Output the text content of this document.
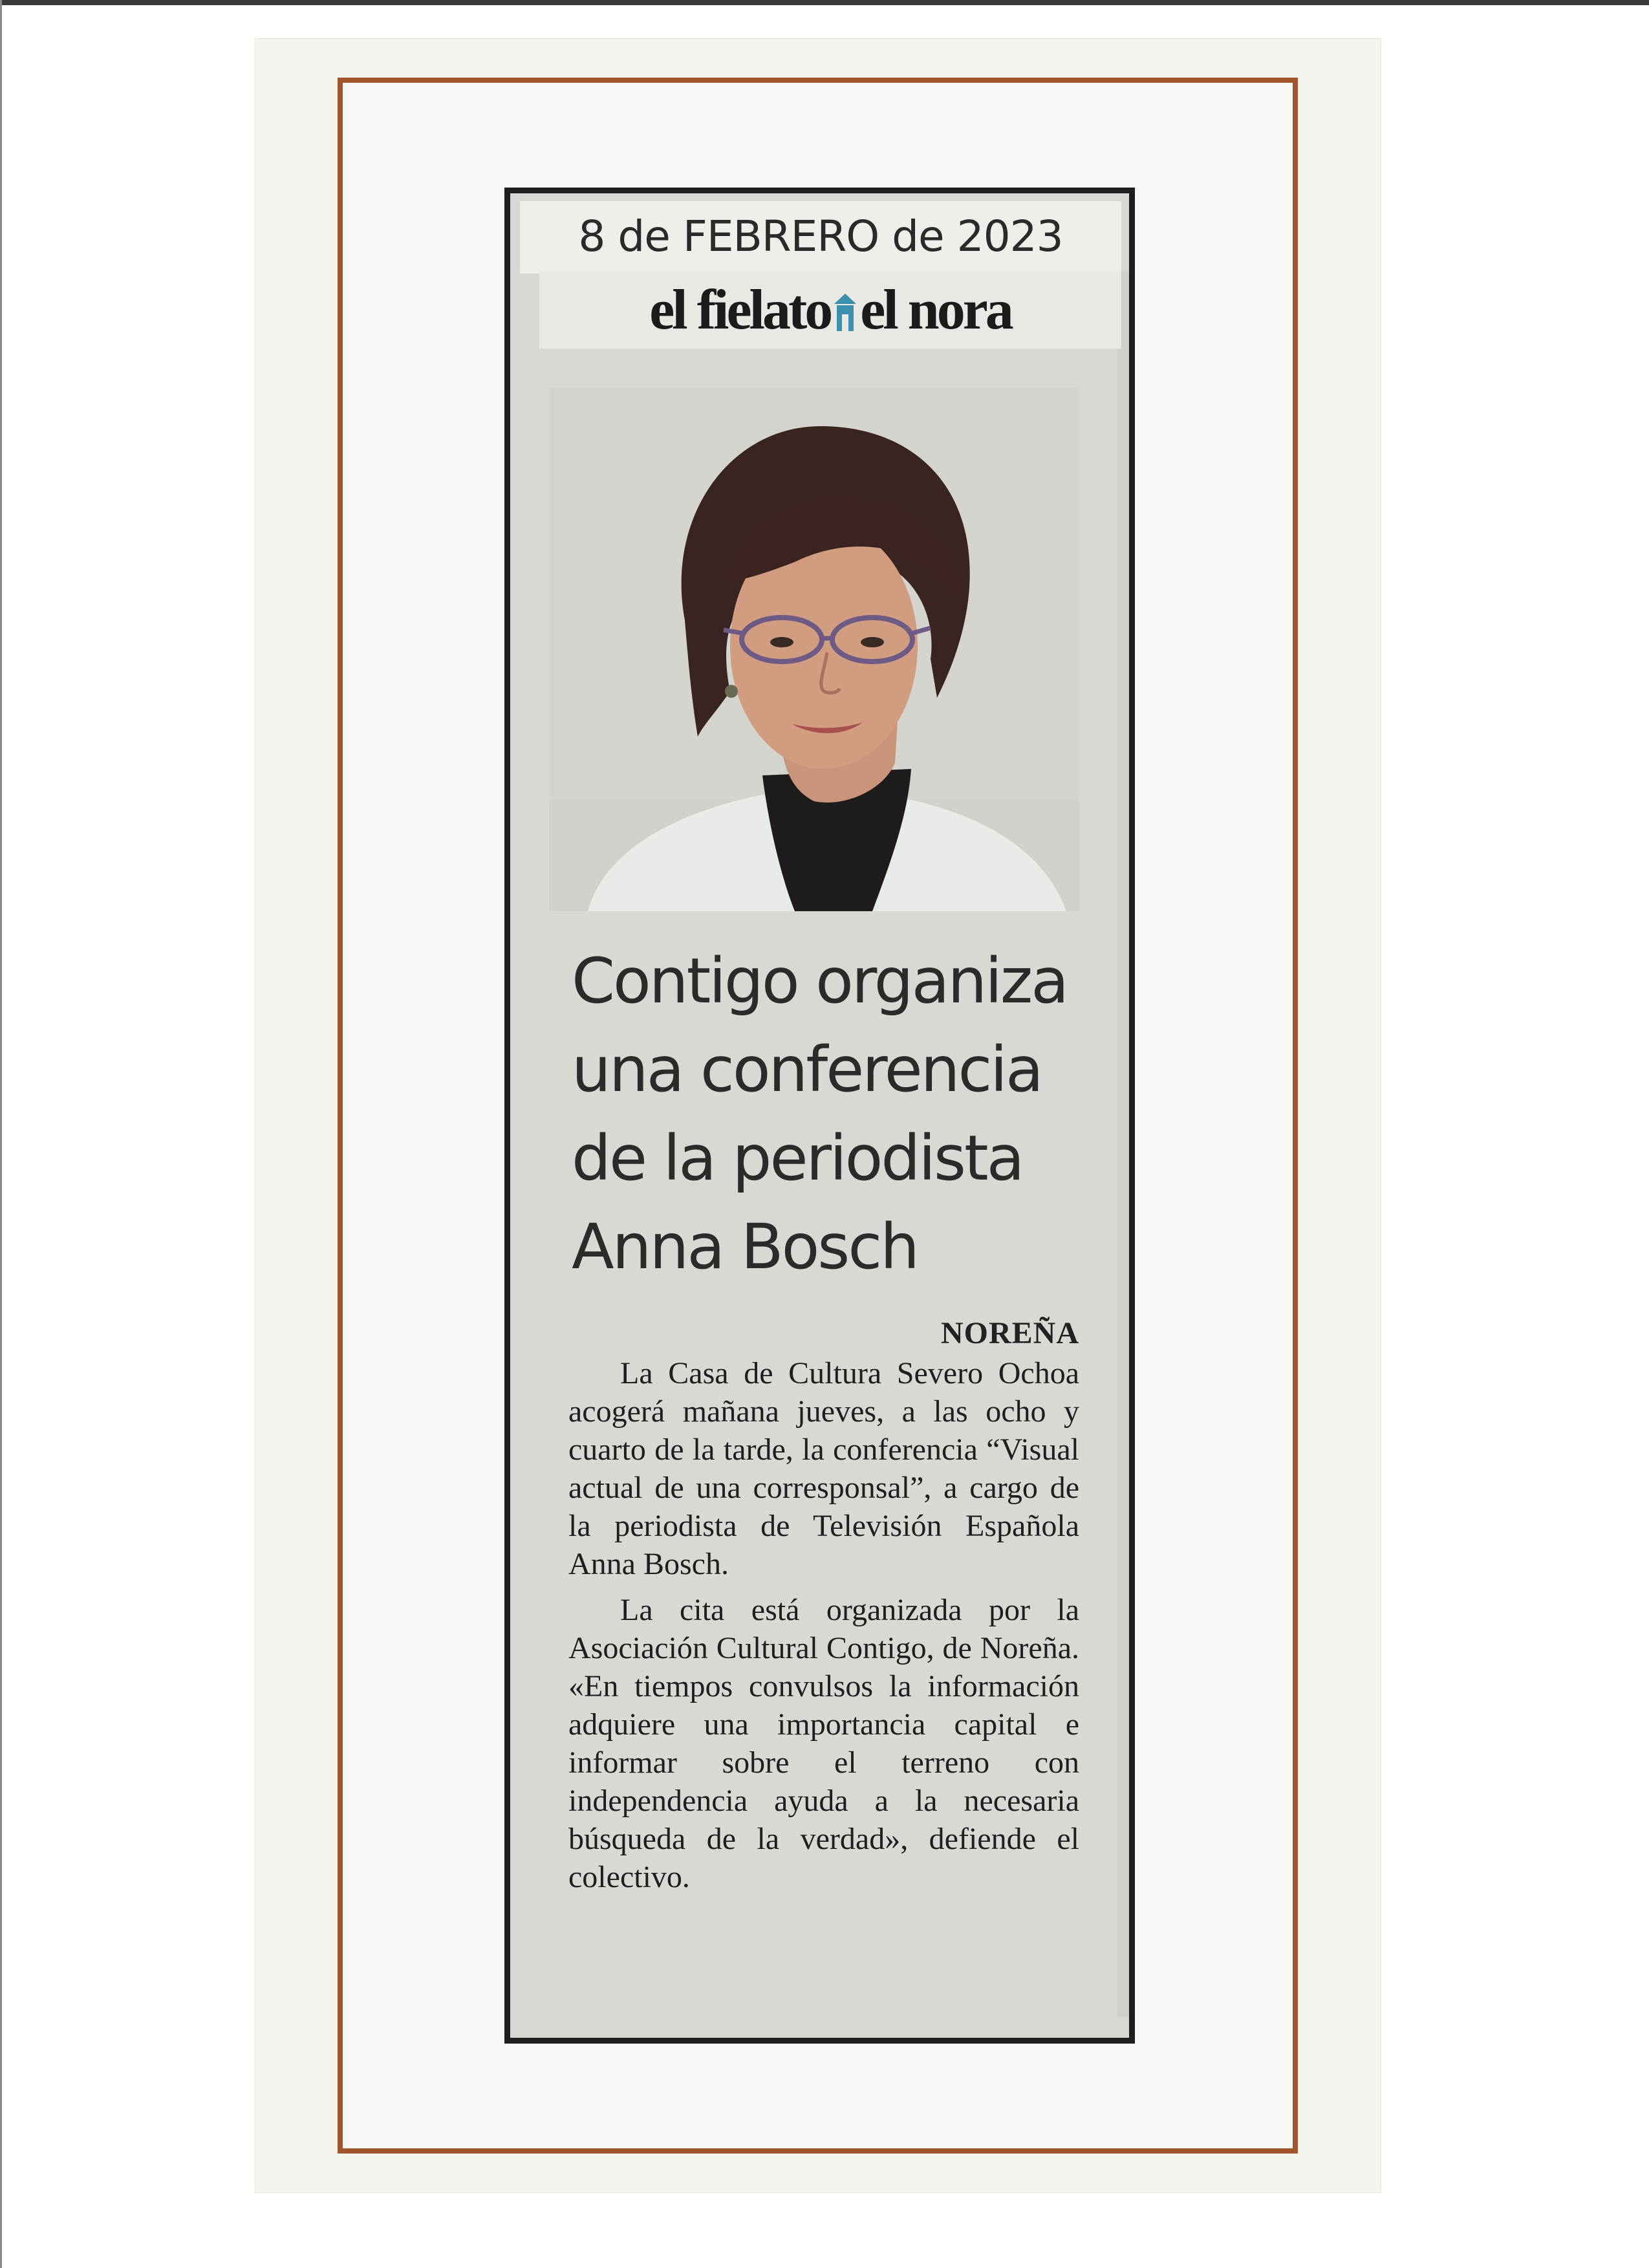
8 de FEBRERO de 2023
el fielato el nora
Contigo organiza
una conferencia
de la periodista
Anna Bosch
NOREÑA

La Casa de Cultura Severo Ochoa acogerá mañana jueves, a las ocho y cuarto de la tarde, la conferencia “Visual actual de una corresponsal”, a cargo de la periodista de Televisión Española Anna Bosch.

La cita está organizada por la Asociación Cultural Contigo, de Noreña. «En tiempos convulsos la información adquiere una importancia capital e informar sobre el terreno con independencia ayuda a la necesaria búsqueda de la verdad», defiende el colectivo.
